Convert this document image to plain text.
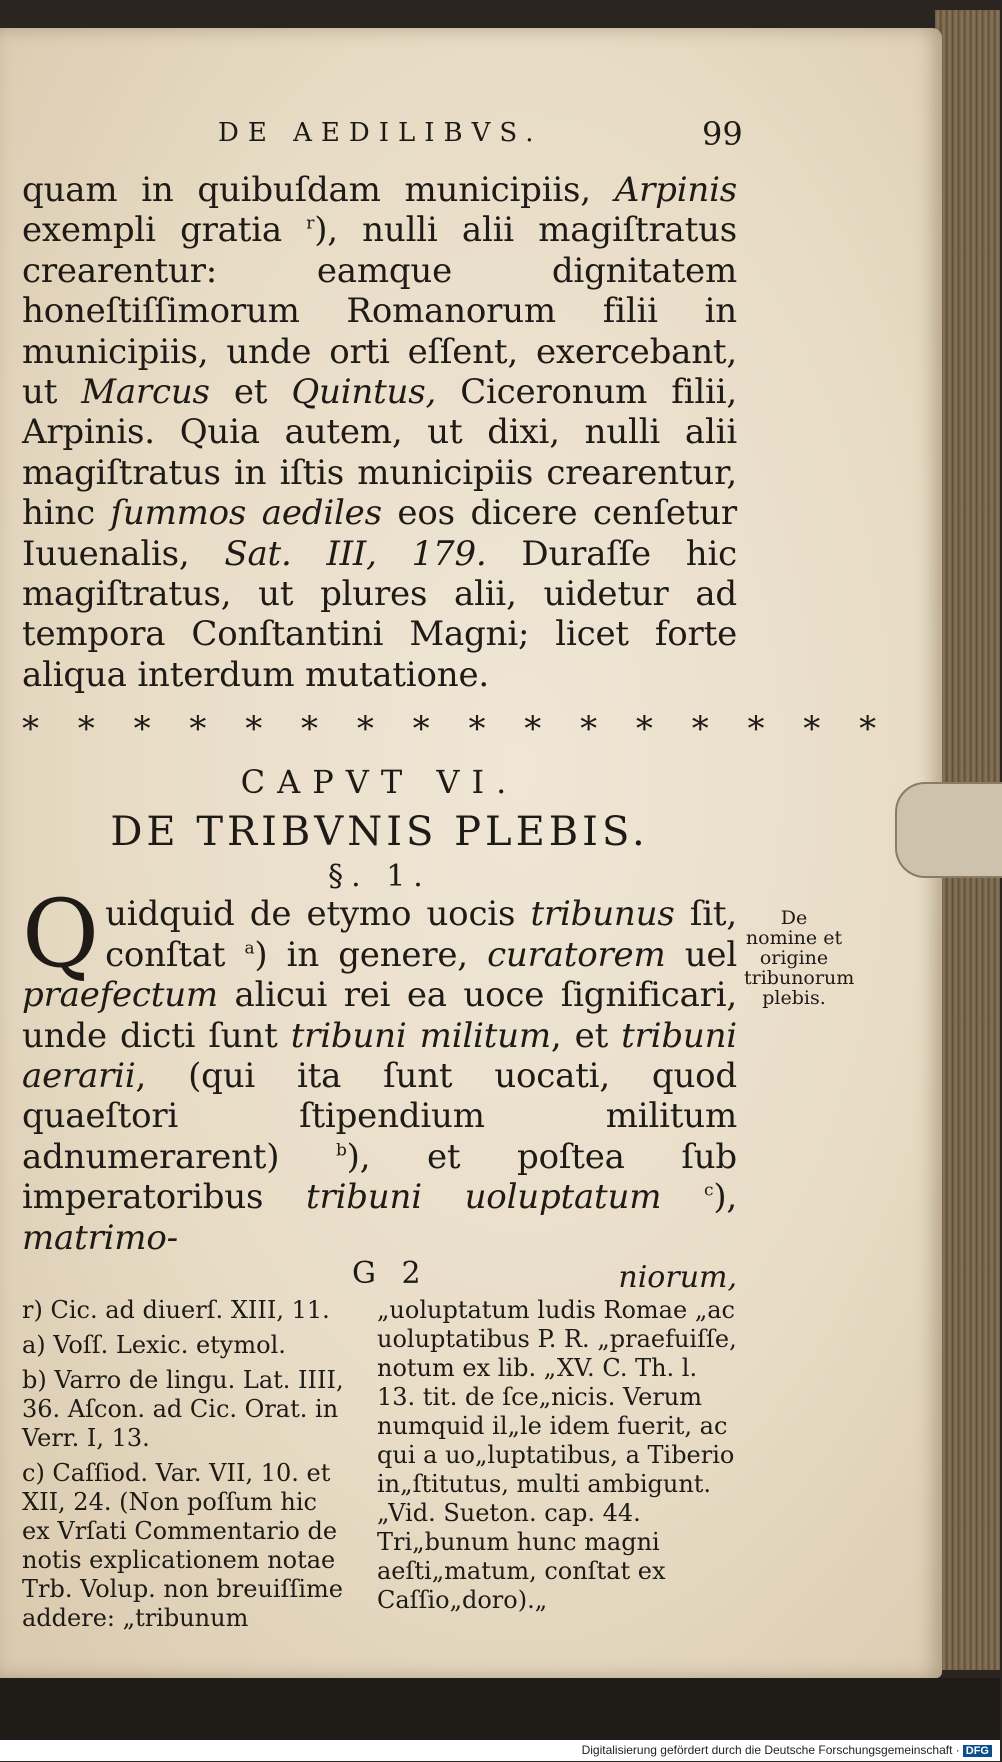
DE AEDILIBVS.	99

quam in quibuſdam municipiis, Arpinis exempli gratia $^r$), nulli alii magiſtratus crearentur: eamque dignitatem honeſtiſſimorum Romanorum filii in municipiis, unde orti eſſent, exercebant, ut Marcus et Quintus, Ciceronum filii, Arpinis. Quia autem, ut dixi, nulli alii magiſtratus in iſtis municipiis crearentur, hinc ſummos aediles eos dicere cenſetur Iuuenalis, Sat. III, 179. Duraſſe hic magiſtratus, ut plures alii, uidetur ad tempora Conſtantini Magni; licet forte aliqua interdum mutatione.

* * * * * * * * * * * * * * * *
CAPVT VI.
DE TRIBVNIS PLEBIS.
§. 1.
Q uidquid de etymo uocis tribunus ſit, conſtat $^a$) in genere, curatorem uel praefectum alicui rei ea uoce ſignificari, unde dicti ſunt tribuni militum, et tribuni aerarii, (qui ita ſunt uocati, quod quaeſtori ſtipendium militum adnumerarent) $^b$), et poſtea ſub imperatoribus tribuni uoluptatum	$^c$), matrimo-

De nomine et origine tribunorum plebis.
G 2	niorum,

r) Cic. ad diuerſ. XIII, 11.

a) Voſſ. Lexic. etymol.

b) Varro de lingu. Lat. IIII, 36. Aſcon. ad Cic. Orat. in Verr. I, 13.

c) Caſſiod. Var. VII, 10. et XII, 24. (Non poſſum hic ex Vrſati Commentario de notis explicationem notae Trb. Volup. non breuiſſime addere: „tribunum

„uoluptatum ludis Romae „ac uoluptatibus P. R. „praefuiſſe, notum ex lib. „XV. C. Th. l. 13. tit. de ſce„nicis. Verum numquid il„le idem fuerit, ac qui a uo„luptatibus, a Tiberio in„ſtitutus, multi ambigunt. „Vid. Sueton. cap. 44. Tri„bunum hunc magni aeſti„matum, conſtat ex Caſſio„doro).„

Digitalisierung gefördert durch die Deutsche Forschungsgemeinschaft · DFG
